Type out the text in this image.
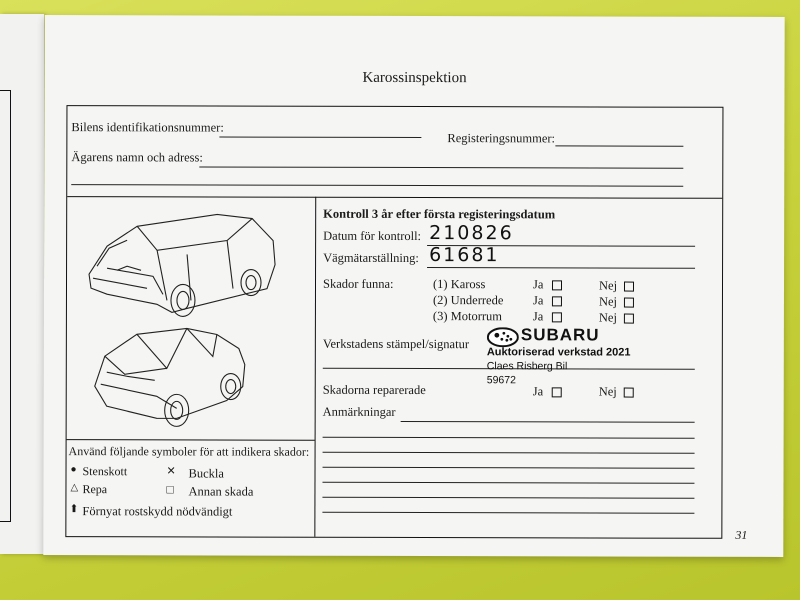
Karossinspektion
Bilens identifikationsnummer:
Registeringsnummer:
Ägarens namn och adress:
Använd följande symboler för att indikera skador:
● Stenskott	✕ Buckla
△ Repa	□ Annan skada
⬆ Förnyat rostskydd nödvändigt
Kontroll 3 år efter första registeringsdatum
Datum för kontroll: 210826
Vägmätarställning: 61681
Skador funna:	(1) Kaross	Ja	Nej
(2) Underrede Ja	Nej
(3) Motorrum Ja	Nej
Verkstadens stämpel/signatur	SUBARU
Auktoriserad verkstad 2021
Claes Risberg Bil
59672
Skadorna reparerade	Ja	Nej
Anmärkningar
31
